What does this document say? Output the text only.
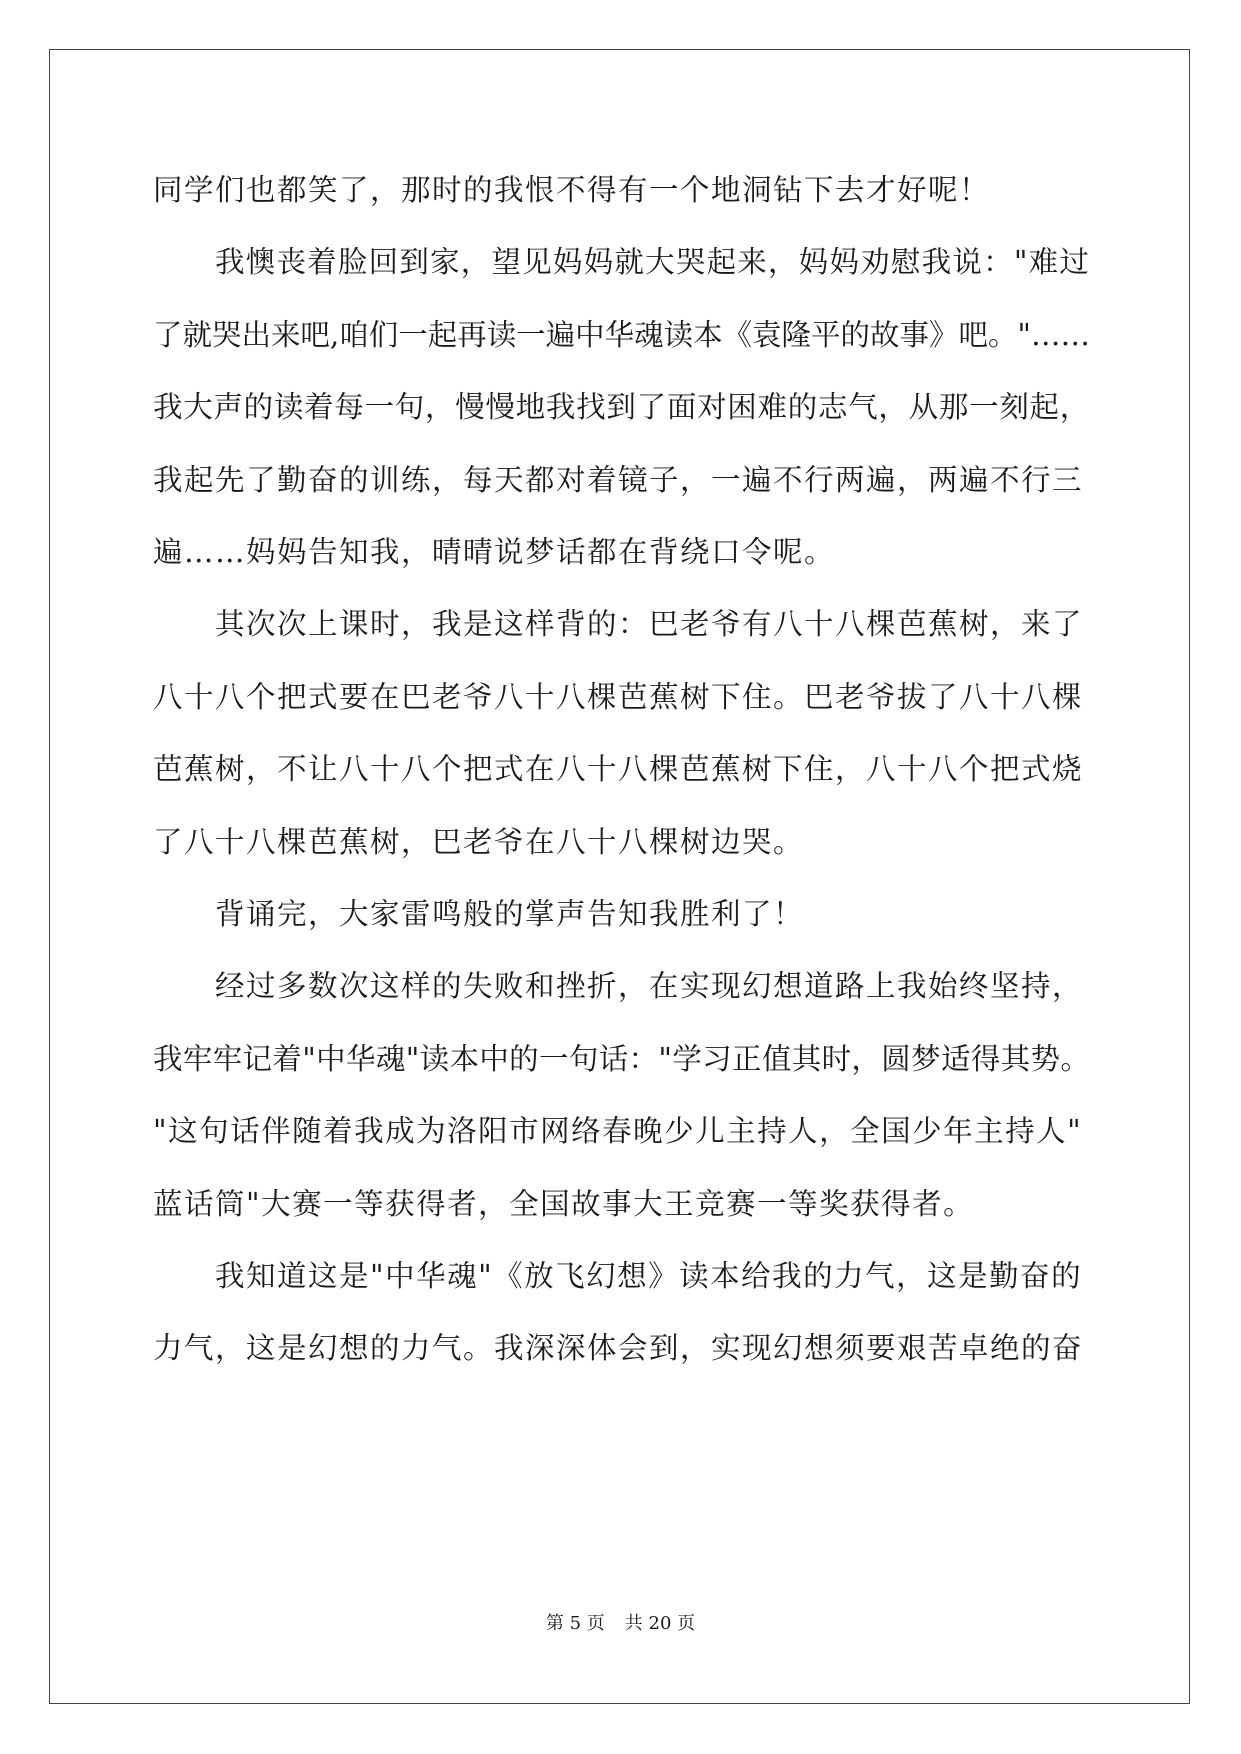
同学们也都笑了，那时的我恨不得有一个地洞钻下去才好呢！

我懊丧着脸回到家，望见妈妈就大哭起来，妈妈劝慰我说："难过

了就哭出来吧,咱们一起再读一遍中华魂读本《袁隆平的故事》吧。"……

我大声的读着每一句，慢慢地我找到了面对困难的志气，从那一刻起，

我起先了勤奋的训练，每天都对着镜子，一遍不行两遍，两遍不行三

遍……妈妈告知我，晴晴说梦话都在背绕口令呢。

其次次上课时，我是这样背的：巴老爷有八十八棵芭蕉树，来了

八十八个把式要在巴老爷八十八棵芭蕉树下住。巴老爷拔了八十八棵

芭蕉树，不让八十八个把式在八十八棵芭蕉树下住，八十八个把式烧

了八十八棵芭蕉树，巴老爷在八十八棵树边哭。

背诵完，大家雷鸣般的掌声告知我胜利了！

经过多数次这样的失败和挫折，在实现幻想道路上我始终坚持，

我牢牢记着"中华魂"读本中的一句话："学习正值其时，圆梦适得其势。

"这句话伴随着我成为洛阳市网络春晚少儿主持人，全国少年主持人"

蓝话筒"大赛一等获得者，全国故事大王竞赛一等奖获得者。

我知道这是"中华魂"《放飞幻想》读本给我的力气，这是勤奋的

力气，这是幻想的力气。我深深体会到，实现幻想须要艰苦卓绝的奋

第 5 页 共 20 页
